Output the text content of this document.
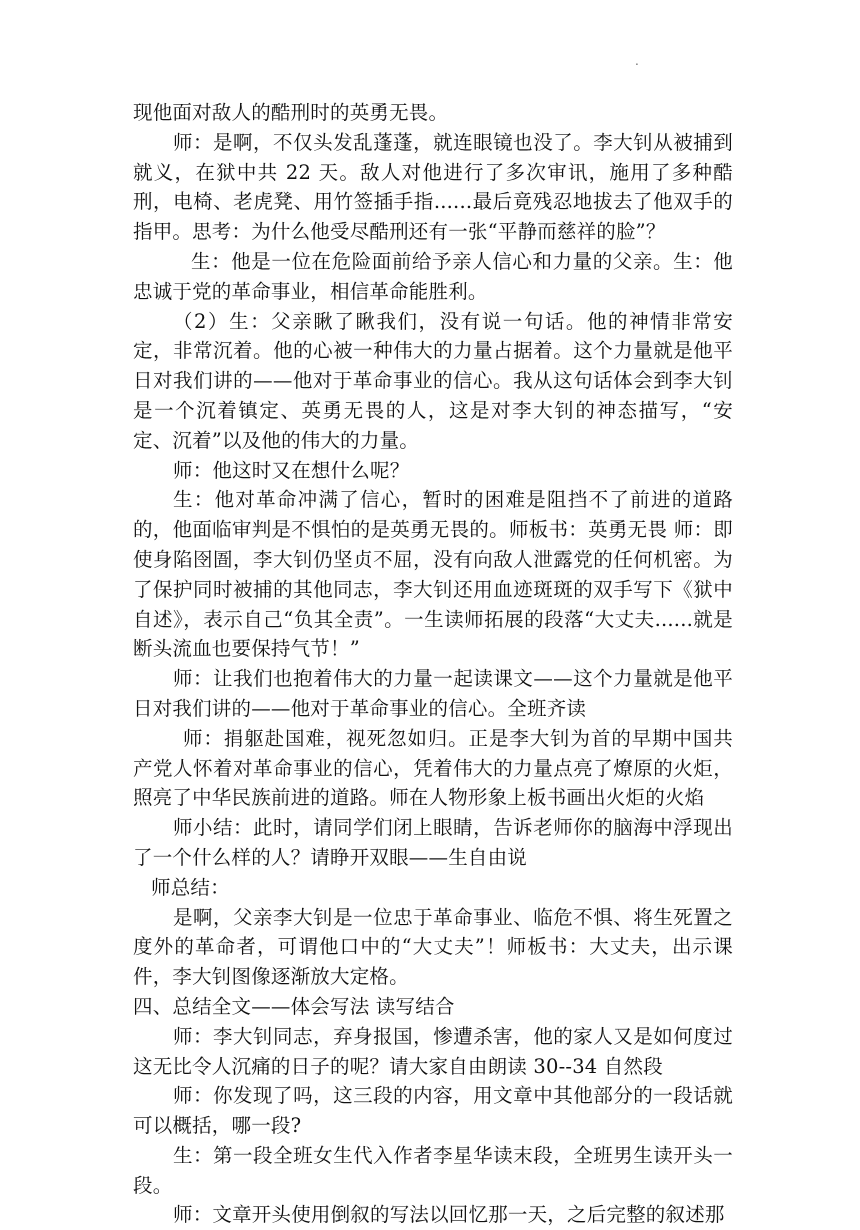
.

现他面对敌人的酷刑时的英勇无畏。

师：是啊，不仅头发乱蓬蓬，就连眼镜也没了。李大钊从被捕到就义，在狱中共 22 天。敌人对他进行了多次审讯，施用了多种酷刑，电椅、老虎凳、用竹签插手指......最后竟残忍地拔去了他双手的指甲。思考：为什么他受尽酷刑还有一张“平静而慈祥的脸”？

生：他是一位在危险面前给予亲人信心和力量的父亲。生：他忠诚于党的革命事业，相信革命能胜利。

（2）生：父亲瞅了瞅我们，没有说一句话。他的神情非常安定，非常沉着。他的心被一种伟大的力量占据着。这个力量就是他平日对我们讲的——他对于革命事业的信心。我从这句话体会到李大钊是一个沉着镇定、英勇无畏的人，这是对李大钊的神态描写，“安定、沉着”以及他的伟大的力量。

师：他这时又在想什么呢？

生：他对革命冲满了信心，暂时的困难是阻挡不了前进的道路的，他面临审判是不惧怕的是英勇无畏的。师板书：英勇无畏 师：即使身陷囹圄，李大钊仍坚贞不屈，没有向敌人泄露党的任何机密。为了保护同时被捕的其他同志，李大钊还用血迹斑斑的双手写下《狱中自述》，表示自己“负其全责”。一生读师拓展的段落“大丈夫......就是断头流血也要保持气节！”

师：让我们也抱着伟大的力量一起读课文——这个力量就是他平日对我们讲的——他对于革命事业的信心。全班齐读

师：捐躯赴国难，视死忽如归。正是李大钊为首的早期中国共产党人怀着对革命事业的信心，凭着伟大的力量点亮了燎原的火炬，照亮了中华民族前进的道路。师在人物形象上板书画出火炬的火焰

师小结：此时，请同学们闭上眼睛，告诉老师你的脑海中浮现出了一个什么样的人？请睁开双眼——生自由说

师总结：

是啊，父亲李大钊是一位忠于革命事业、临危不惧、将生死置之度外的革命者，可谓他口中的“大丈夫”！师板书：大丈夫，出示课件，李大钊图像逐渐放大定格。

四、总结全文——体会写法 读写结合

师：李大钊同志，弃身报国，惨遭杀害，他的家人又是如何度过这无比令人沉痛的日子的呢？请大家自由朗读 30--34 自然段

师：你发现了吗，这三段的内容，用文章中其他部分的一段话就可以概括，哪一段?

生：第一段全班女生代入作者李星华读末段，全班男生读开头一段。

师：文章开头使用倒叙的写法以回忆那一天，之后完整的叙述那
